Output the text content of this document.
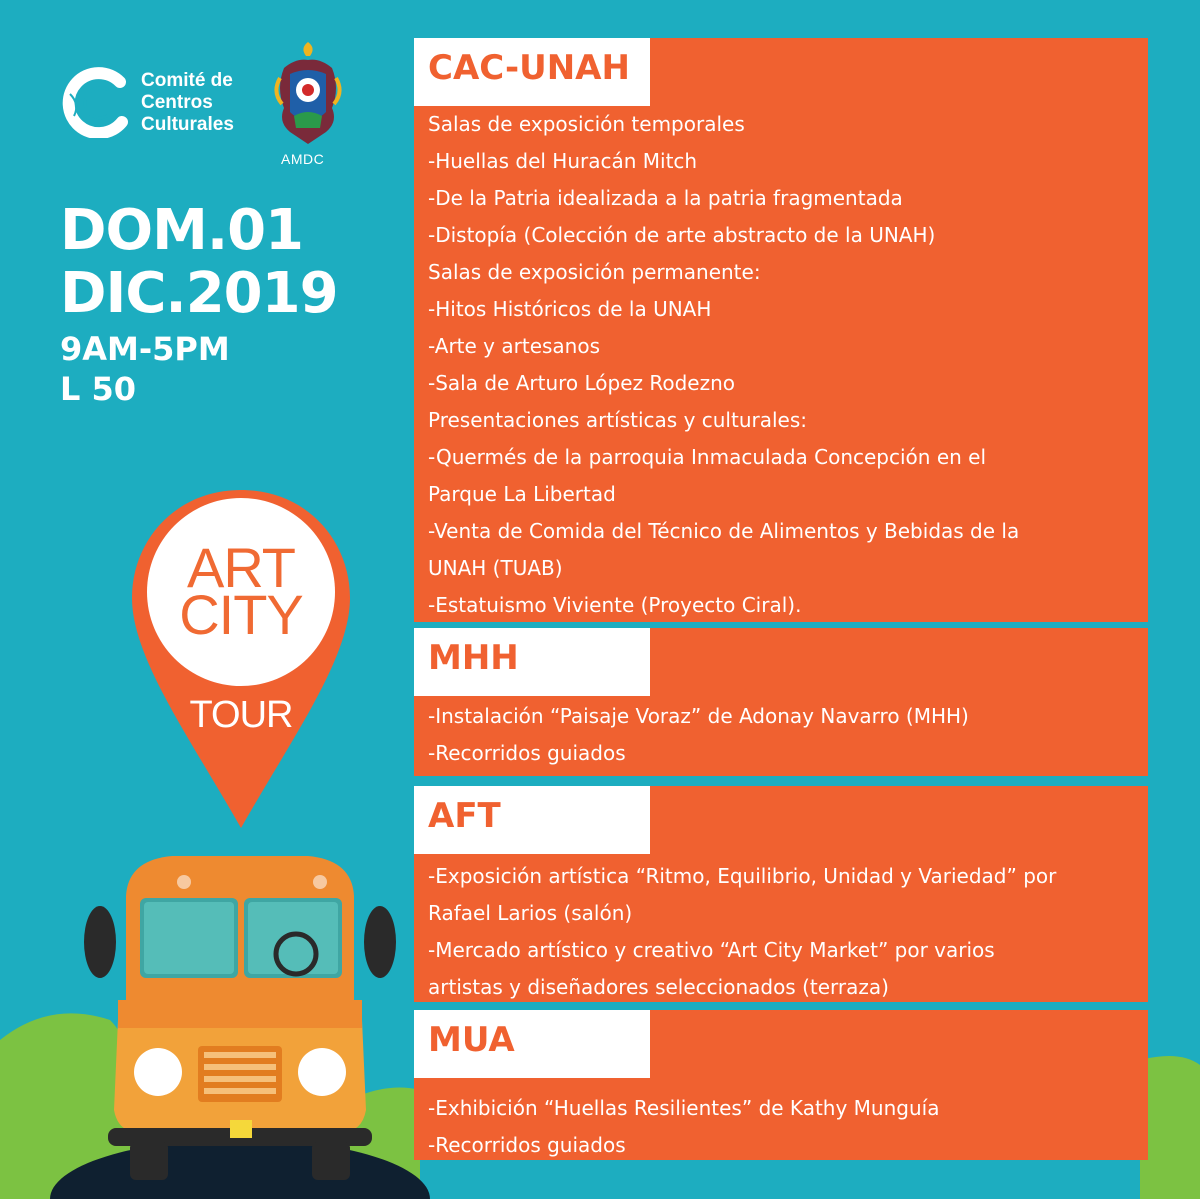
Comité de
Centros
Culturales
AMDC
DOM.01
DIC.2019
9AM-5PM
L 50
ART
CITY
TOUR
CAC-UNAH
Salas de exposición temporales
-Huellas del Huracán Mitch
-De la Patria idealizada a la patria fragmentada
-Distopía (Colección de arte abstracto de la UNAH)
Salas de exposición permanente:
-Hitos Históricos de la UNAH
-Arte y artesanos
-Sala de Arturo López Rodezno
Presentaciones artísticas y culturales:
-Quermés de la parroquia Inmaculada Concepción en el
Parque La Libertad
-Venta de Comida del Técnico de Alimentos y Bebidas de la
UNAH (TUAB)
-Estatuismo Viviente (Proyecto Ciral).
MHH
-Instalación “Paisaje Voraz” de Adonay Navarro (MHH)
-Recorridos guiados
AFT
-Exposición artística “Ritmo, Equilibrio, Unidad y Variedad” por
Rafael Larios (salón)
-Mercado artístico y creativo “Art City Market” por varios
artistas y diseñadores seleccionados (terraza)
MUA
-Exhibición “Huellas Resilientes” de Kathy Munguía
-Recorridos guiados
